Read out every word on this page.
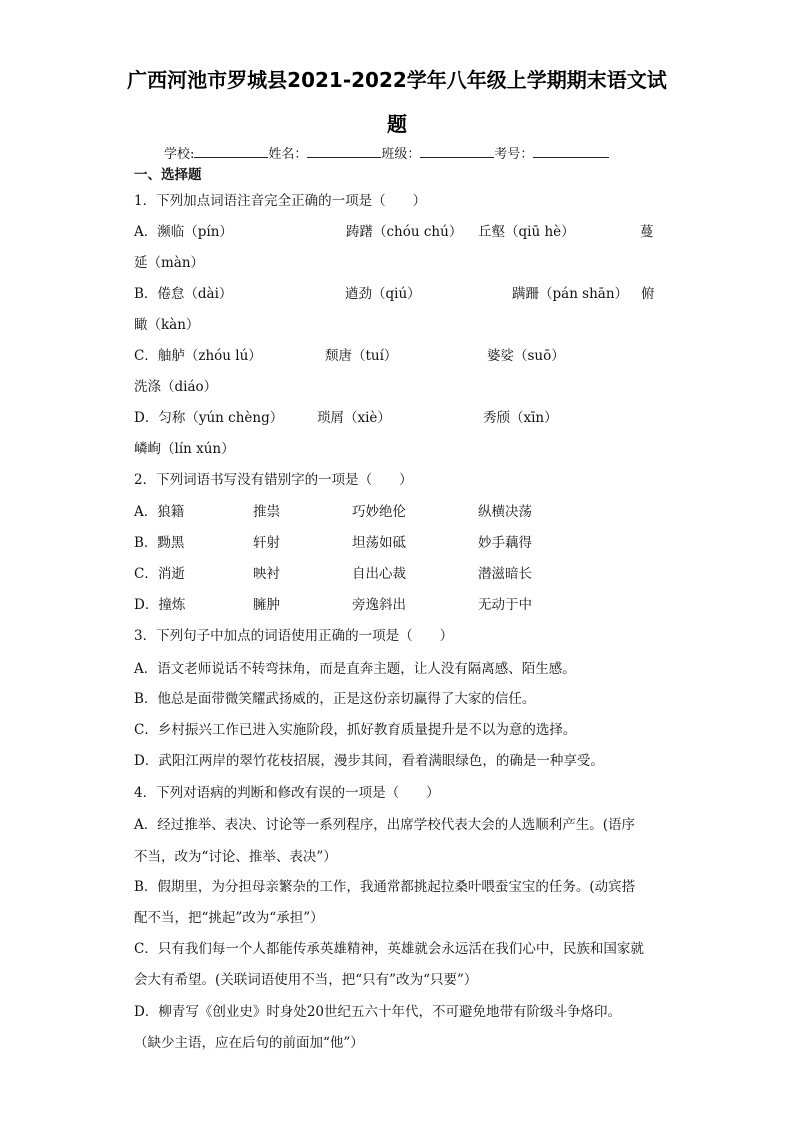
广西河池市罗城县2021-2022学年八年级上学期期末语文试
题
学校:	姓名：	班级：	考号：
一、选择题
1．下列加点词语注音完全正确的一项是（　　）
A．濒临（pín）	踌躇（chóu chú） 丘壑（qiū hè）	蔓
延（màn）
B．倦怠（dài）	遒劲（qiú）	蹒跚（pán shān） 俯
瞰（kàn）
C．舳舻（zhóu lú）	颓唐（tuí）	婆娑（suō）
洗涤（diáo）
D．匀称（yún chèng）	琐屑（xiè）	秀颀（xīn）
嶙峋（lín xún）
2．下列词语书写没有错别字的一项是（　　）
A．狼籍	推祟	巧妙绝伦	纵横决荡
B．黝黑	轩射	坦荡如砥	妙手藕得
C．消逝	映衬	自出心裁	潜滋暗长
D．撞炼	臃肿	旁逸斜出	无动于中
3．下列句子中加点的词语使用正确的一项是（　　）
A．语文老师说话不转弯抹角，而是直奔主题，让人没有隔离感、陌生感。
B．他总是面带微笑耀武扬威的，正是这份亲切赢得了大家的信任。
C．乡村振兴工作已进入实施阶段，抓好教育质量提升是不以为意的选择。
D．武阳江两岸的翠竹花枝招展，漫步其间，看着满眼绿色，的确是一种享受。
4．下列对语病的判断和修改有误的一项是（　　）
A．经过推举、表决、讨论等一系列程序，出席学校代表大会的人选顺利产生。(语序
不当，改为“讨论、推举、表决”）
B．假期里，为分担母亲繁杂的工作，我通常都挑起拉桑叶喂蚕宝宝的任务。(动宾搭
配不当，把“挑起”改为“承担”）
C．只有我们每一个人都能传承英雄精神，英雄就会永远活在我们心中，民族和国家就
会大有希望。(关联词语使用不当，把“只有”改为“只要”）
D．柳青写《创业史》时身处20世纪五六十年代，不可避免地带有阶级斗争烙印。
（缺少主语，应在后句的前面加“他”）
